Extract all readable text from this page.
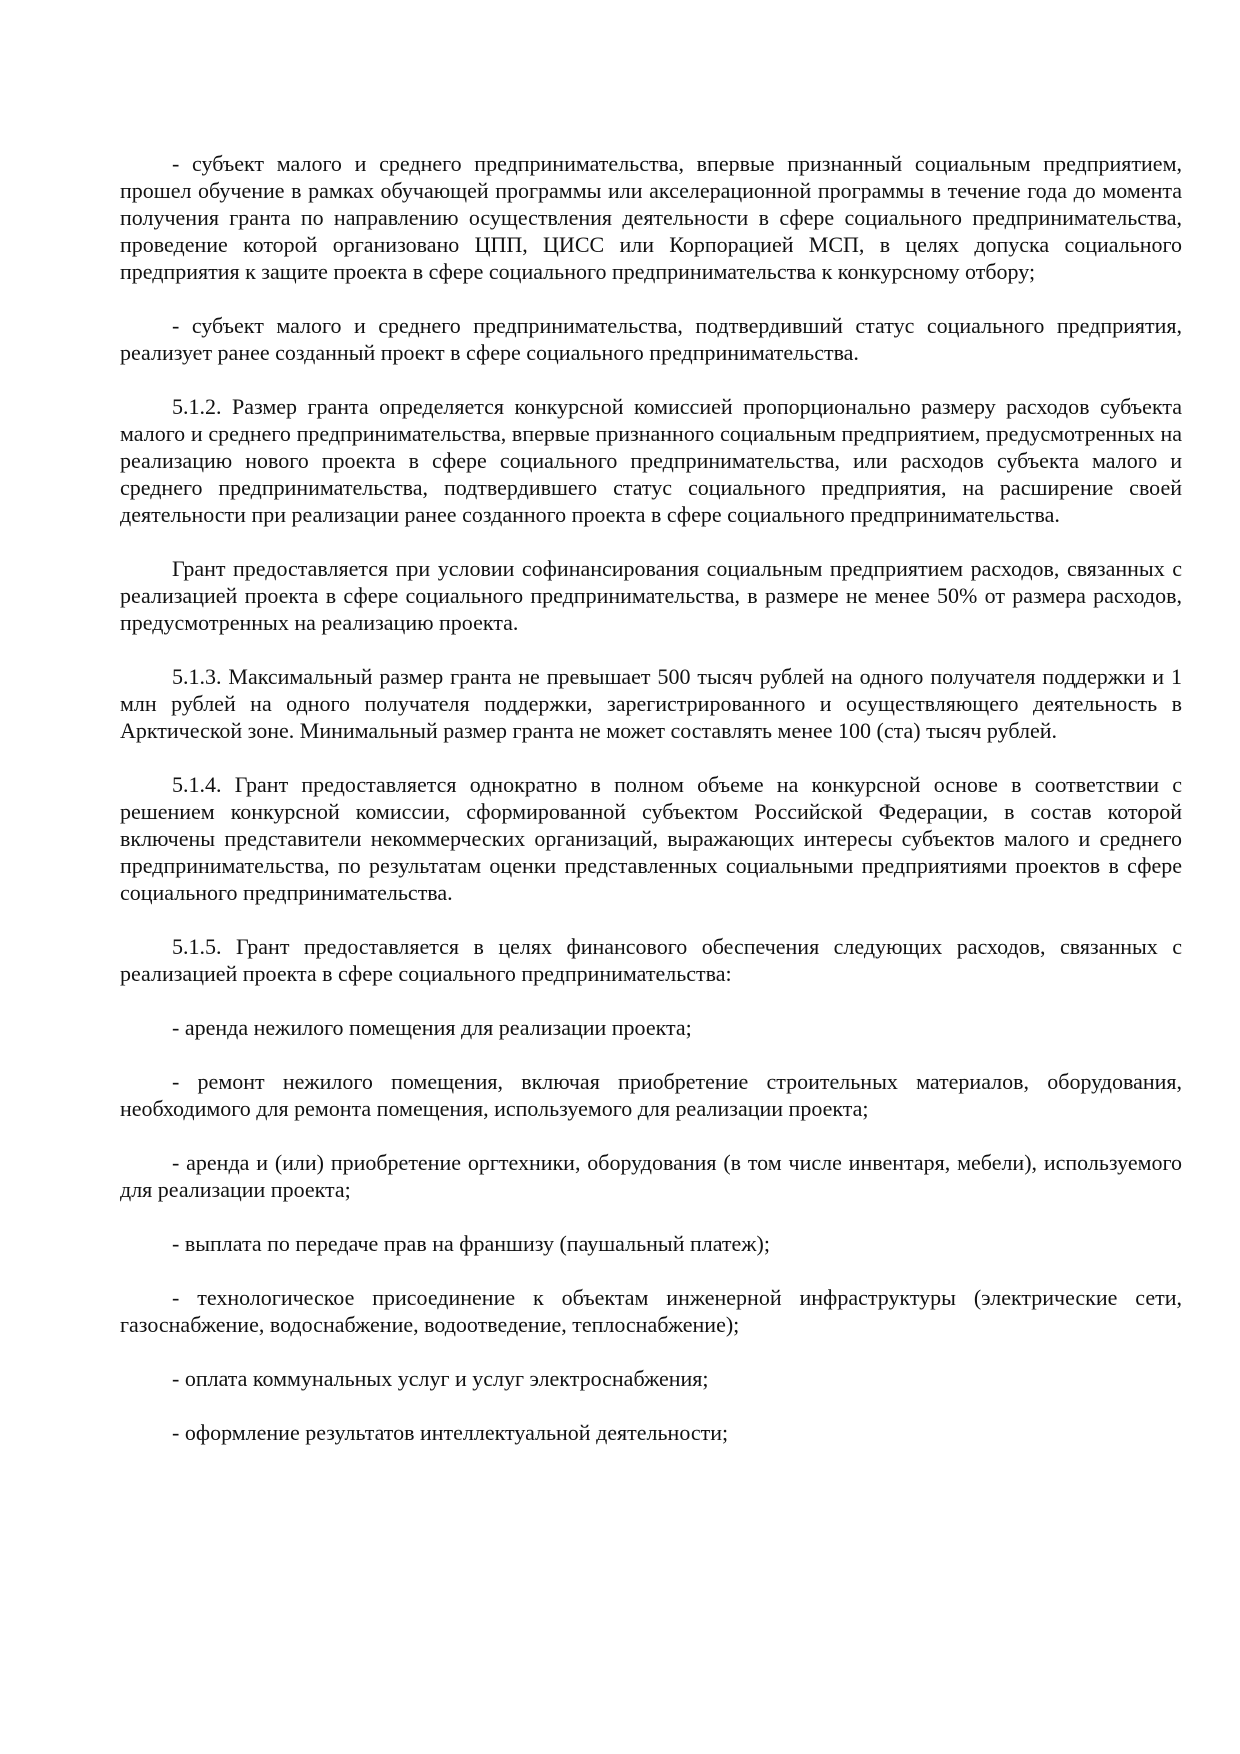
- субъект малого и среднего предпринимательства, впервые признанный социальным предприятием, прошел обучение в рамках обучающей программы или акселерационной программы в течение года до момента получения гранта по направлению осуществления деятельности в сфере социального предпринимательства, проведение которой организовано ЦПП, ЦИСС или Корпорацией МСП, в целях допуска социального предприятия к защите проекта в сфере социального предпринимательства к конкурсному отбору;

- субъект малого и среднего предпринимательства, подтвердивший статус социального предприятия, реализует ранее созданный проект в сфере социального предпринимательства.

5.1.2. Размер гранта определяется конкурсной комиссией пропорционально размеру расходов субъекта малого и среднего предпринимательства, впервые признанного социальным предприятием, предусмотренных на реализацию нового проекта в сфере социального предпринимательства, или расходов субъекта малого и среднего предпринимательства, подтвердившего статус социального предприятия, на расширение своей деятельности при реализации ранее созданного проекта в сфере социального предпринимательства.

Грант предоставляется при условии софинансирования социальным предприятием расходов, связанных с реализацией проекта в сфере социального предпринимательства, в размере не менее 50% от размера расходов, предусмотренных на реализацию проекта.

5.1.3. Максимальный размер гранта не превышает 500 тысяч рублей на одного получателя поддержки и 1 млн рублей на одного получателя поддержки, зарегистрированного и осуществляющего деятельность в Арктической зоне. Минимальный размер гранта не может составлять менее 100 (ста) тысяч рублей.

5.1.4. Грант предоставляется однократно в полном объеме на конкурсной основе в соответствии с решением конкурсной комиссии, сформированной субъектом Российской Федерации, в состав которой включены представители некоммерческих организаций, выражающих интересы субъектов малого и среднего предпринимательства, по результатам оценки представленных социальными предприятиями проектов в сфере социального предпринимательства.

5.1.5. Грант предоставляется в целях финансового обеспечения следующих расходов, связанных с реализацией проекта в сфере социального предпринимательства:

- аренда нежилого помещения для реализации проекта;

- ремонт нежилого помещения, включая приобретение строительных материалов, оборудования, необходимого для ремонта помещения, используемого для реализации проекта;

- аренда и (или) приобретение оргтехники, оборудования (в том числе инвентаря, мебели), используемого для реализации проекта;

- выплата по передаче прав на франшизу (паушальный платеж);

- технологическое присоединение к объектам инженерной инфраструктуры (электрические сети, газоснабжение, водоснабжение, водоотведение, теплоснабжение);

- оплата коммунальных услуг и услуг электроснабжения;

- оформление результатов интеллектуальной деятельности;
